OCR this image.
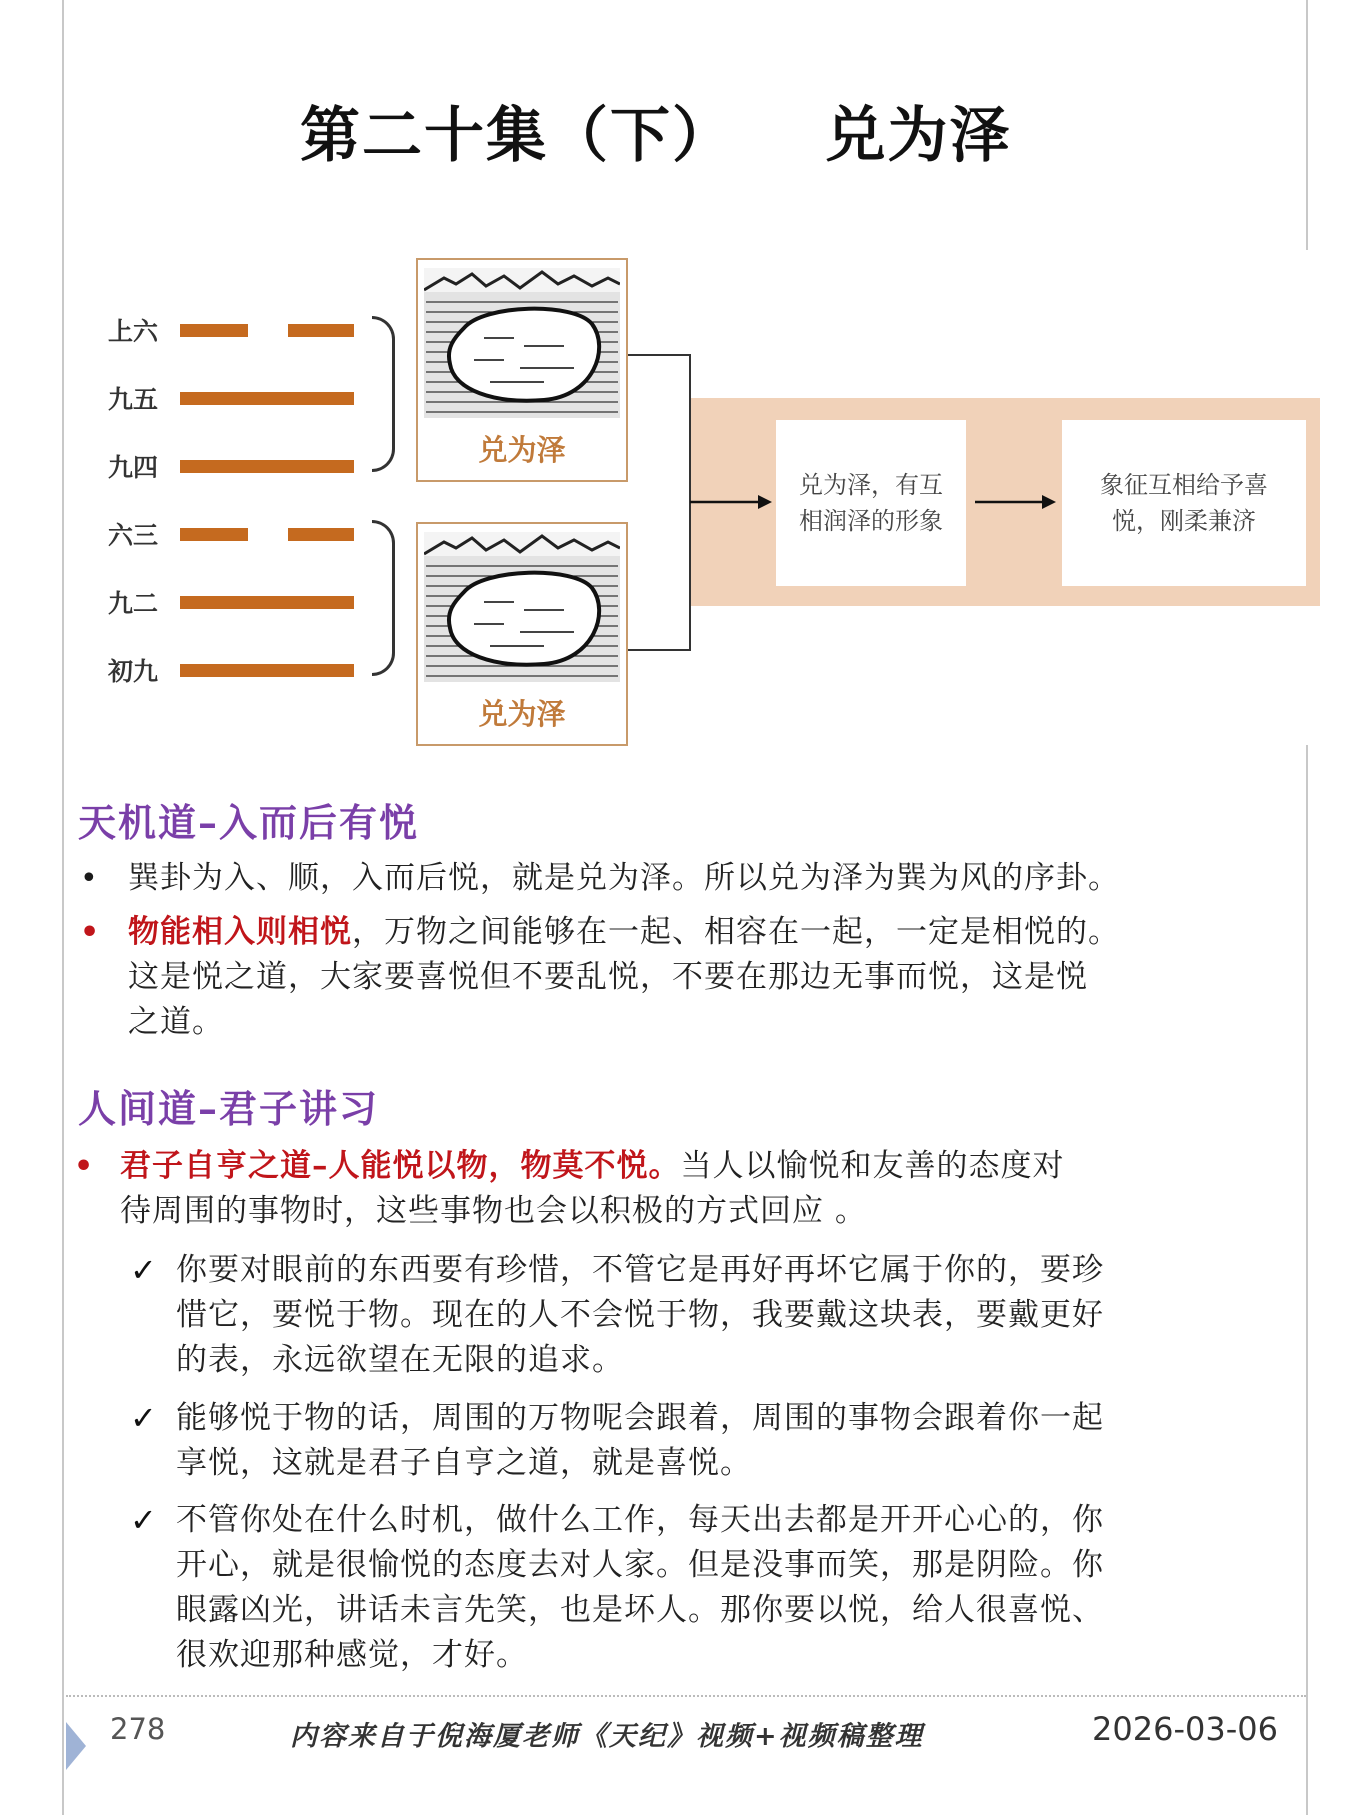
第二十集（下）    兑为泽
上六
九五
九四
六三
九二
初九
兑为泽，有互
相润泽的形象
象征互相给予喜
悦，刚柔兼济
兑为泽
兑为泽
天机道–入而后有悦
• 巽卦为入、顺，入而后悦，就是兑为泽。所以兑为泽为巽为风的序卦。
• 物能相入则相悦，万物之间能够在一起、相容在一起，一定是相悦的。
这是悦之道，大家要喜悦但不要乱悦，不要在那边无事而悦，这是悦
之道。
人间道–君子讲习
• 君子自亨之道–人能悦以物，物莫不悦。当人以愉悦和友善的态度对
待周围的事物时，这些事物也会以积极的方式回应 。
✓ 你要对眼前的东西要有珍惜，不管它是再好再坏它属于你的，要珍
惜它，要悦于物。现在的人不会悦于物，我要戴这块表，要戴更好
的表，永远欲望在无限的追求。
✓ 能够悦于物的话，周围的万物呢会跟着，周围的事物会跟着你一起
享悦，这就是君子自亨之道，就是喜悦。
✓ 不管你处在什么时机，做什么工作，每天出去都是开开心心的，你
开心，就是很愉悦的态度去对人家。但是没事而笑，那是阴险。你
眼露凶光，讲话未言先笑，也是坏人。那你要以悦，给人很喜悦、
很欢迎那种感觉，才好。
278	内容来自于倪海厦老师《天纪》视频+视频稿整理	2026-03-06
